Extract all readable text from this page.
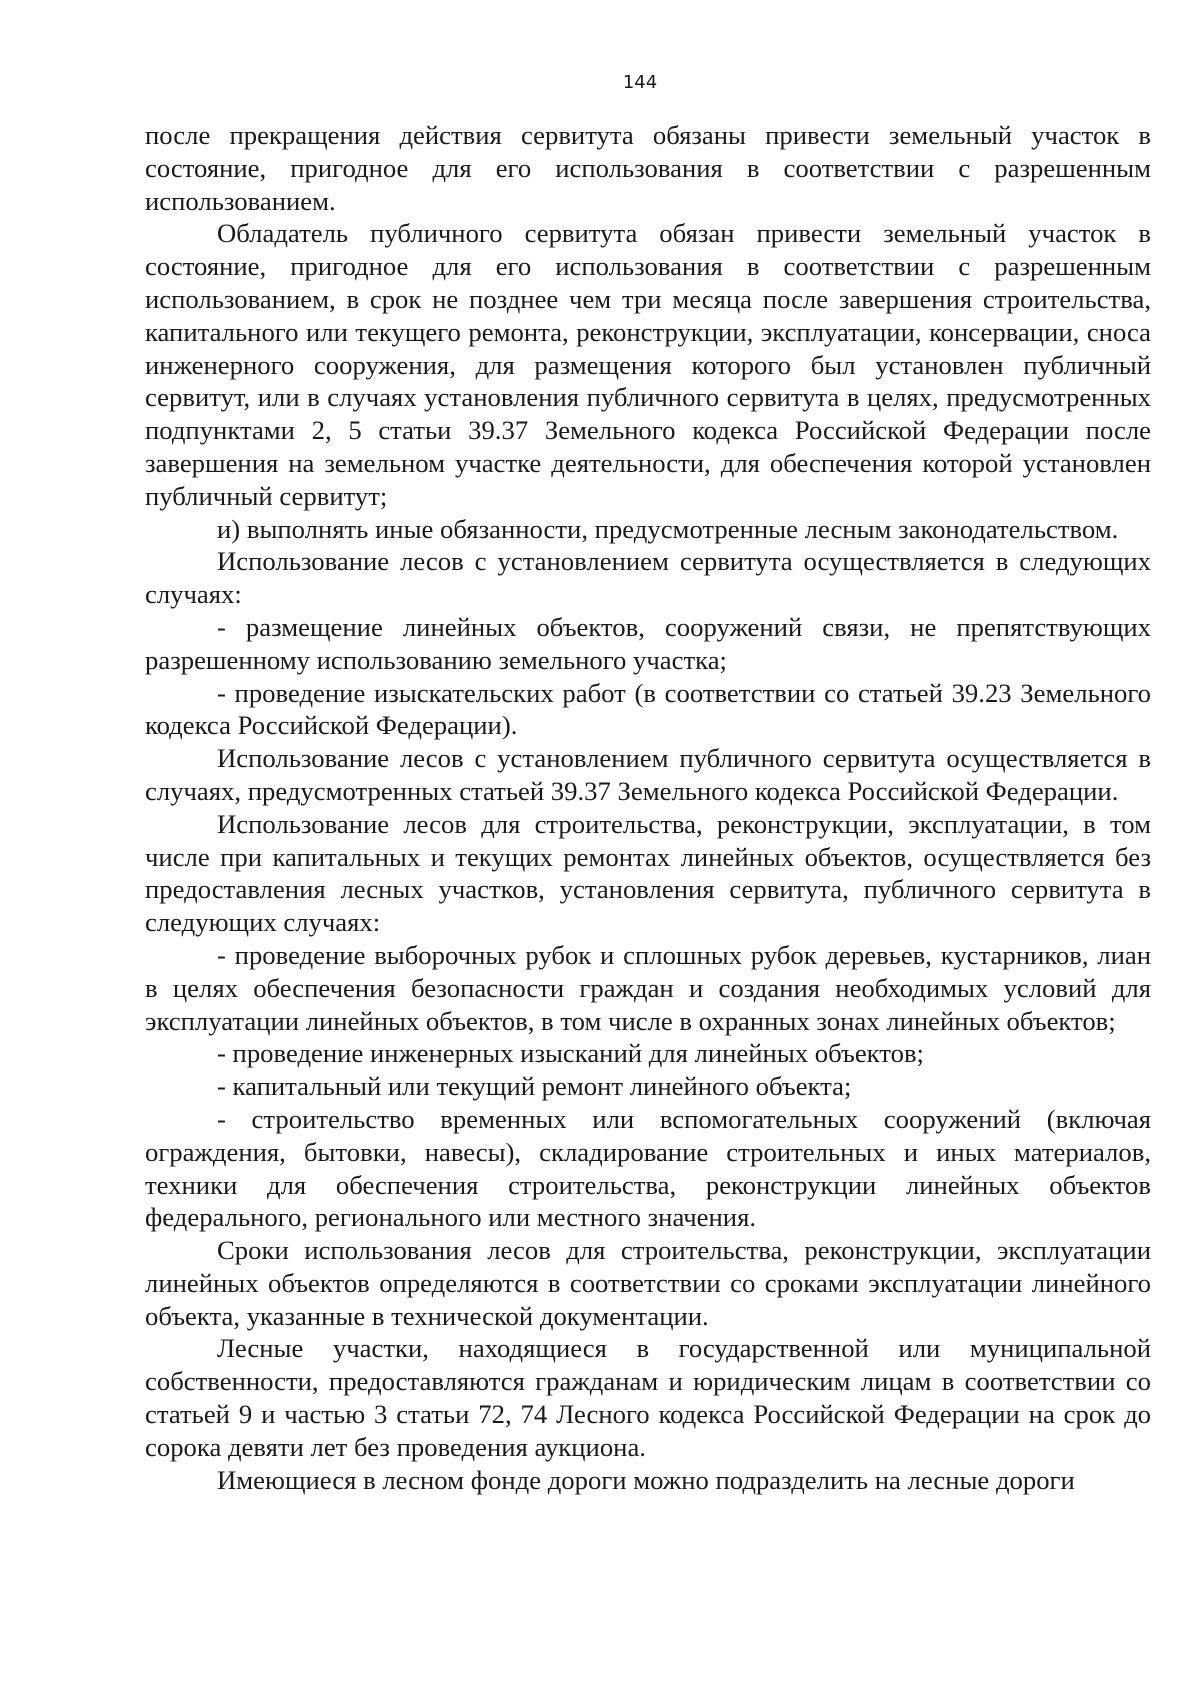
144

после прекращения действия сервитута обязаны привести земельный участок в состояние, пригодное для его использования в соответствии с разрешенным использованием.

Обладатель публичного сервитута обязан привести земельный участок в состояние, пригодное для его использования в соответствии с разрешенным использованием, в срок не позднее чем три месяца после завершения строительства, капитального или текущего ремонта, реконструкции, эксплуатации, консервации, сноса инженерного сооружения, для размещения которого был установлен публичный сервитут, или в случаях установления публичного сервитута в целях, предусмотренных подпунктами 2, 5 статьи 39.37 Земельного кодекса Российской Федерации после завершения на земельном участке деятельности, для обеспечения которой установлен публичный сервитут;

и) выполнять иные обязанности, предусмотренные лесным законодательством.

Использование лесов с установлением сервитута осуществляется в следующих случаях:

- размещение линейных объектов, сооружений связи, не препятствующих разрешенному использованию земельного участка;

- проведение изыскательских работ (в соответствии со статьей 39.23 Земельного кодекса Российской Федерации).

Использование лесов с установлением публичного сервитута осуществляется в случаях, предусмотренных статьей 39.37 Земельного кодекса Российской Федерации.

Использование лесов для строительства, реконструкции, эксплуатации, в том числе при капитальных и текущих ремонтах линейных объектов, осуществляется без предоставления лесных участков, установления сервитута, публичного сервитута в следующих случаях:

- проведение выборочных рубок и сплошных рубок деревьев, кустарников, лиан в целях обеспечения безопасности граждан и создания необходимых условий для эксплуатации линейных объектов, в том числе в охранных зонах линейных объектов;

- проведение инженерных изысканий для линейных объектов;

- капитальный или текущий ремонт линейного объекта;

- строительство временных или вспомогательных сооружений (включая ограждения, бытовки, навесы), складирование строительных и иных материалов, техники для обеспечения строительства, реконструкции линейных объектов федерального, регионального или местного значения.

Сроки использования лесов для строительства, реконструкции, эксплуатации линейных объектов определяются в соответствии со сроками эксплуатации линейного объекта, указанные в технической документации.

Лесные участки, находящиеся в государственной или муниципальной собственности, предоставляются гражданам и юридическим лицам в соответствии со статьей 9 и частью 3 статьи 72, 74 Лесного кодекса Российской Федерации на срок до сорока девяти лет без проведения аукциона.

Имеющиеся в лесном фонде дороги можно подразделить на лесные дороги
